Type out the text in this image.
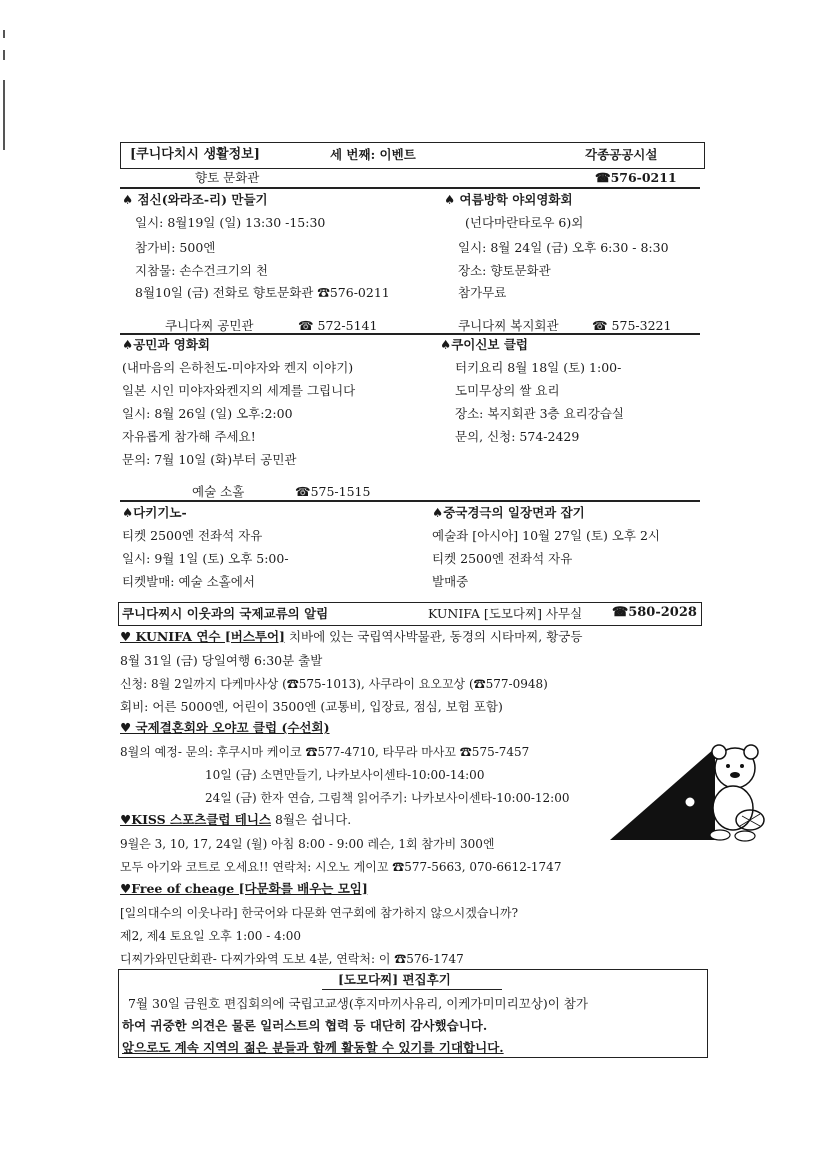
[쿠니다치시 생활정보]	세 번째: 이벤트	각종공공시설
향토 문화관	☎576-0211
♠ 점신(와라조-리) 만들기
일시: 8월19일 (일) 13:30 -15:30
참가비: 500엔
지참물: 손수건크기의 천
8월10일 (금) 전화로 향토문화관 ☎576-0211
♠ 여름방학 야외영화회
(넌다마란타로우 6)외
일시: 8월 24일 (금) 오후 6:30 - 8:30
장소: 향토문화관
참가무료
쿠니다찌 공민관	☎ 572-5141	쿠니다찌 복지회관	☎ 575-3221
♠공민과 영화회
(내마음의 은하천도-미야자와 켄지 이야기)
일본 시인 미야자와켄지의 세계를 그립니다
일시: 8월 26일 (일) 오후:2:00
자유롭게 참가해 주세요!
문의: 7월 10일 (화)부터 공민관
♠쿠이신보 클럽
터키요리 8월 18일 (토) 1:00-
도미무상의 쌀 요리
장소: 복지회관 3층 요리강습실
문의, 신청: 574-2429
예술 소홀	☎575-1515
♠다키기노-
티켓 2500엔 전좌석 자유
일시: 9월 1일 (토) 오후 5:00-
티켓발매: 예술 소홀에서
♠중국경극의 일장면과 잡기
예술좌 [아시아] 10월 27일 (토) 오후 2시
티켓 2500엔 전좌석 자유
발매중
쿠니다찌시 이웃과의 국제교류의 알림	KUNIFA [도모다찌] 사무실 ☎580-2028
♥ KUNIFA 연수 [버스투어] 치바에 있는 국립역사박물관, 동경의 시타마찌, 황궁등
8월 31일 (금) 당일여행 6:30분 출발
신청: 8월 2일까지 다케마사상 (☎575-1013), 사쿠라이 요오꼬상 (☎577-0948)
회비: 어른 5000엔, 어린이 3500엔 (교통비, 입장료, 점심, 보험 포함)
♥ 국제결혼회와 오야꼬 클럽 (수선회)
8월의 예정- 문의: 후쿠시마 케이코 ☎577-4710, 타무라 마사꼬 ☎575-7457
10일 (금) 소면만들기, 나카보사이센타-10:00-14:00
24일 (금) 한자 연습, 그림책 읽어주기: 나카보사이센타-10:00-12:00
♥KISS 스포츠클럽 테니스 8월은 쉽니다.
9월은 3, 10, 17, 24일 (월) 아침 8:00 - 9:00 레슨, 1회 참가비 300엔
모두 아기와 코트로 오세요!! 연락처: 시오노 게이꼬 ☎577-5663, 070-6612-1747
♥Free of cheage [다문화를 배우는 모임]
[일의대수의 이웃나라] 한국어와 다문화 연구회에 참가하지 않으시겠습니까?
제2, 제4 토요일 오후 1:00 - 4:00
디찌가와민단회관- 다찌가와역 도보 4분, 연락처: 이 ☎576-1747
[도모다찌] 편집후기
7월 30일 금원호 편집회의에 국립고교생(후지마끼사유리, 이케가미미리꼬상)이 참가
하여 귀중한 의견은 물론 일러스트의 협력 등 대단히 감사했습니다.
앞으로도 계속 지역의 젊은 분들과 함께 활동할 수 있기를 기대합니다.
